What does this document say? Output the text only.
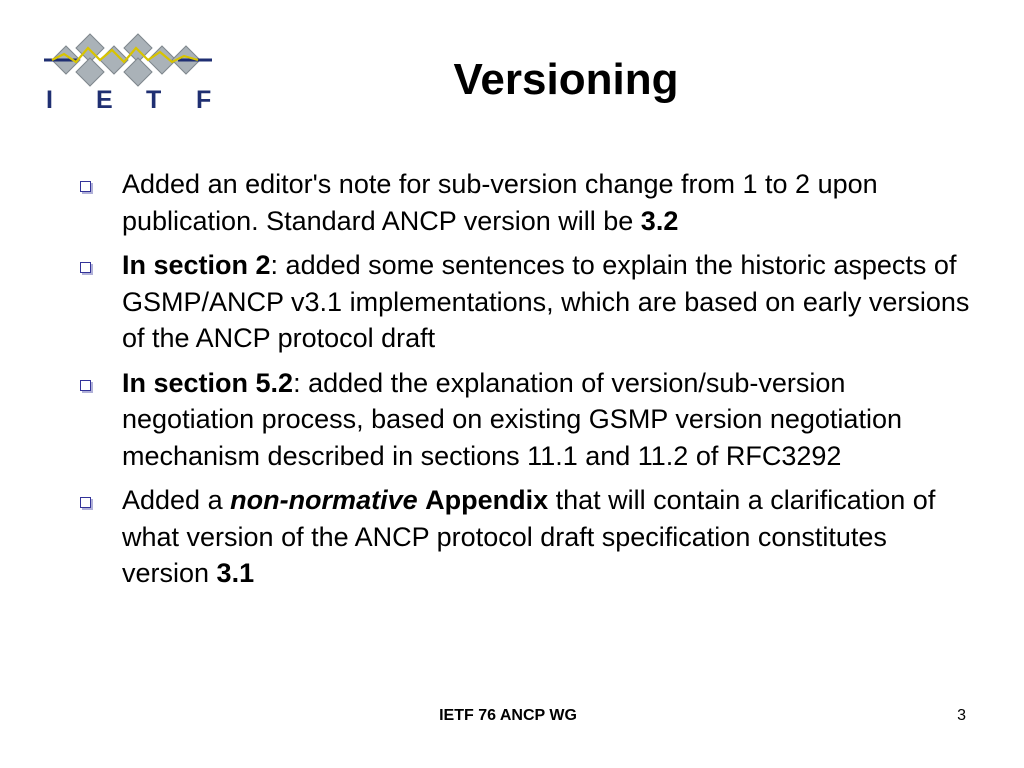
I E T F	Versioning
Added an editor's note for sub-version change from 1 to 2 upon publication. Standard ANCP version will be 3.2
In section 2: added some sentences to explain the historic aspects of GSMP/ANCP v3.1 implementations, which are based on early versions of the ANCP protocol draft
In section 5.2: added the explanation of version/sub-version negotiation process, based on existing GSMP version negotiation mechanism described in sections 11.1 and 11.2 of RFC3292
Added a non-normative Appendix that will contain a clarification of what version of the ANCP protocol draft specification constitutes version 3.1
IETF 76 ANCP WG	3
